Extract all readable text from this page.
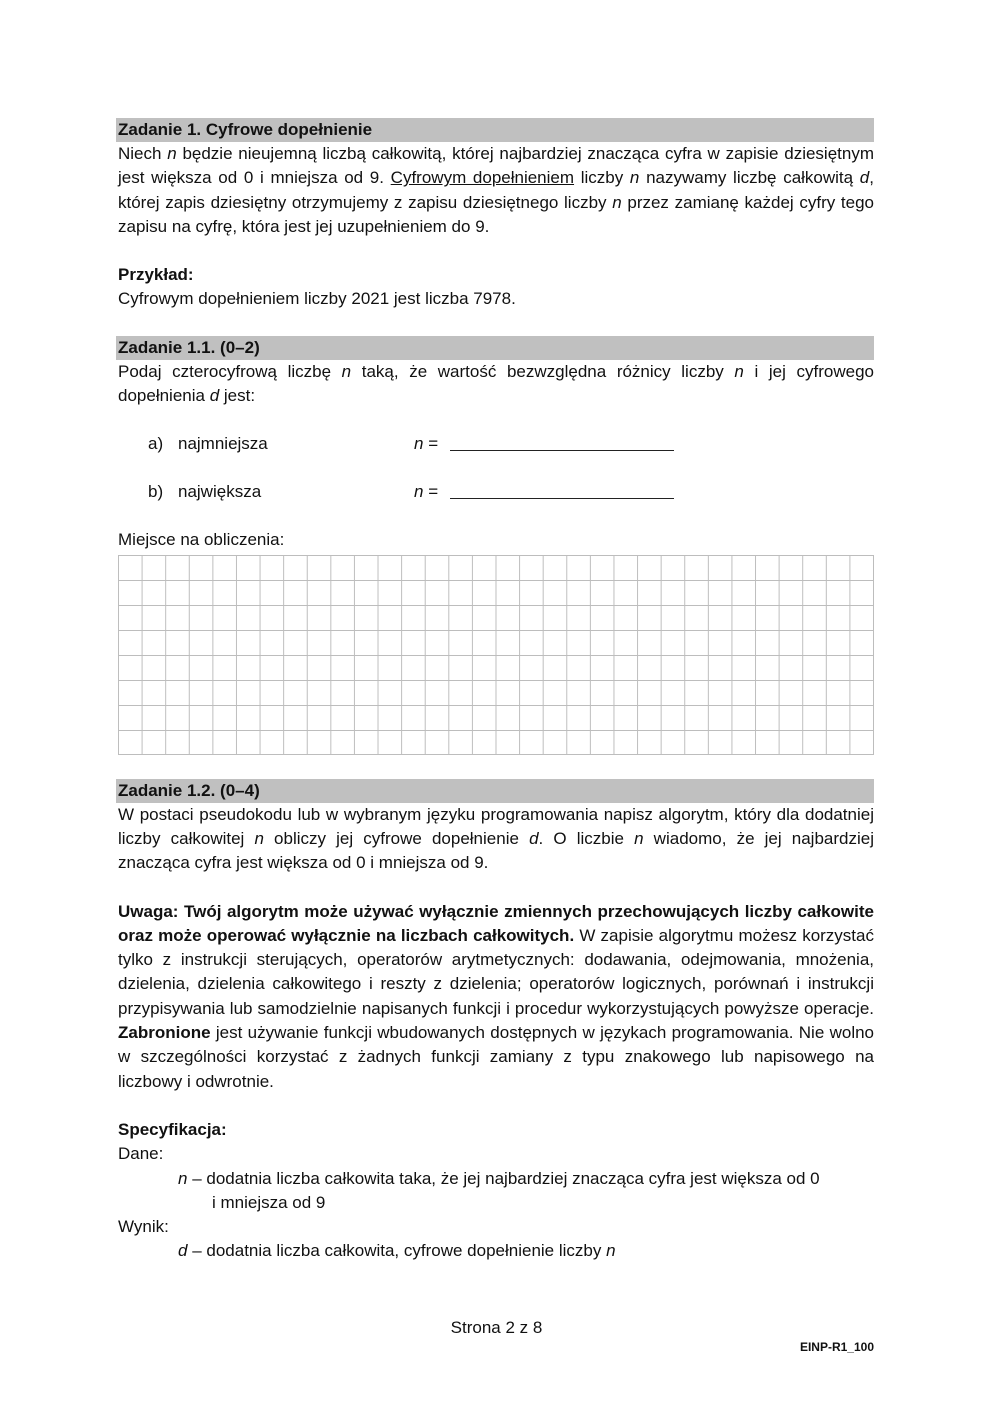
Zadanie 1. Cyfrowe dopełnienie

Niech n będzie nieujemną liczbą całkowitą, której najbardziej znacząca cyfra w zapisie dziesiętnym jest większa od 0 i mniejsza od 9. Cyfrowym dopełnieniem liczby n nazywamy liczbę całkowitą d, której zapis dziesiętny otrzymujemy z zapisu dziesiętnego liczby n przez zamianę każdej cyfry tego zapisu na cyfrę, która jest jej uzupełnieniem do 9.

Przykład:

Cyfrowym dopełnieniem liczby 2021 jest liczba 7978.

Zadanie 1.1. (0–2)

Podaj czterocyfrową liczbę n taką, że wartość bezwzględna różnicy liczby n i jej cyfrowego dopełnienia d jest:

a) najmniejsza	n =
b) największa	n =

Miejsce na obliczenia:

Zadanie 1.2. (0–4)

W postaci pseudokodu lub w wybranym języku programowania napisz algorytm, który dla dodatniej liczby całkowitej n obliczy jej cyfrowe dopełnienie d. O liczbie n wiadomo, że jej najbardziej znacząca cyfra jest większa od 0 i mniejsza od 9.

Uwaga: Twój algorytm może używać wyłącznie zmiennych przechowujących liczby całkowite oraz może operować wyłącznie na liczbach całkowitych. W zapisie algorytmu możesz korzystać tylko z instrukcji sterujących, operatorów arytmetycznych: dodawania, odejmowania, mnożenia, dzielenia, dzielenia całkowitego i reszty z dzielenia; operatorów logicznych, porównań i instrukcji przypisywania lub samodzielnie napisanych funkcji i procedur wykorzystujących powyższe operacje. Zabronione jest używanie funkcji wbudowanych dostępnych w językach programowania. Nie wolno w szczególności korzystać z żadnych funkcji zamiany z typu znakowego lub napisowego na liczbowy i odwrotnie.

Specyfikacja:

Dane:

n – dodatnia liczba całkowita taka, że jej najbardziej znacząca cyfra jest większa od 0

i mniejsza od 9

Wynik:

d – dodatnia liczba całkowita, cyfrowe dopełnienie liczby n

Strona 2 z 8
EINP-R1_100
